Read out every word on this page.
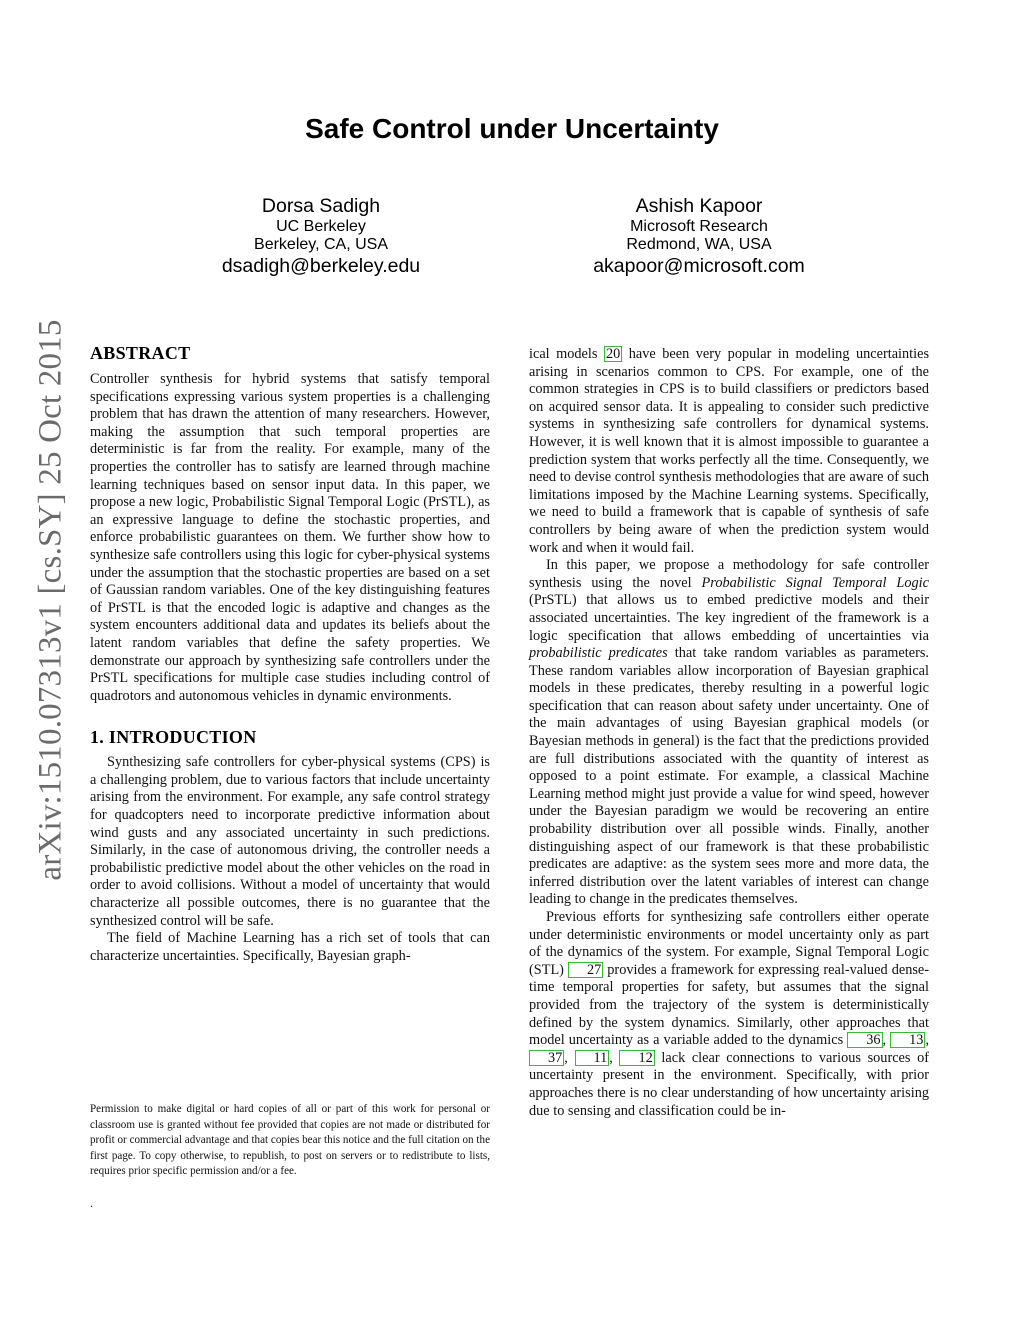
arXiv:1510.07313v1 [cs.SY] 25 Oct 2015
Safe Control under Uncertainty
Dorsa Sadigh
UC Berkeley
Berkeley, CA, USA
dsadigh@berkeley.edu
Ashish Kapoor
Microsoft Research
Redmond, WA, USA
akapoor@microsoft.com
ABSTRACT

Controller synthesis for hybrid systems that satisfy temporal specifications expressing various system properties is a challenging problem that has drawn the attention of many researchers. However, making the assumption that such temporal properties are deterministic is far from the reality. For example, many of the properties the controller has to satisfy are learned through machine learning techniques based on sensor input data. In this paper, we propose a new logic, Probabilistic Signal Temporal Logic (PrSTL), as an expressive language to define the stochastic properties, and enforce probabilistic guarantees on them. We further show how to synthesize safe controllers using this logic for cyber-physical systems under the assumption that the stochastic properties are based on a set of Gaussian random variables. One of the key distinguishing features of PrSTL is that the encoded logic is adaptive and changes as the system encounters additional data and updates its beliefs about the latent random variables that define the safety properties. We demonstrate our approach by synthesizing safe controllers under the PrSTL specifications for multiple case studies including control of quadrotors and autonomous vehicles in dynamic environments.

1. INTRODUCTION

Synthesizing safe controllers for cyber-physical systems (CPS) is a challenging problem, due to various factors that include uncertainty arising from the environment. For example, any safe control strategy for quadcopters need to incorporate predictive information about wind gusts and any associated uncertainty in such predictions. Similarly, in the case of autonomous driving, the controller needs a probabilistic predictive model about the other vehicles on the road in order to avoid collisions. Without a model of uncertainty that would characterize all possible outcomes, there is no guarantee that the synthesized control will be safe.

The field of Machine Learning has a rich set of tools that can characterize uncertainties. Specifically, Bayesian graph-

Permission to make digital or hard copies of all or part of this work for personal or classroom use is granted without fee provided that copies are not made or distributed for profit or commercial advantage and that copies bear this notice and the full citation on the first page. To copy otherwise, to republish, to post on servers or to redistribute to lists, requires prior specific permission and/or a fee.
.

ical models 20 have been very popular in modeling uncertainties arising in scenarios common to CPS. For example, one of the common strategies in CPS is to build classifiers or predictors based on acquired sensor data. It is appealing to consider such predictive systems in synthesizing safe controllers for dynamical systems. However, it is well known that it is almost impossible to guarantee a prediction system that works perfectly all the time. Consequently, we need to devise control synthesis methodologies that are aware of such limitations imposed by the Machine Learning systems. Specifically, we need to build a framework that is capable of synthesis of safe controllers by being aware of when the prediction system would work and when it would fail.

In this paper, we propose a methodology for safe controller synthesis using the novel Probabilistic Signal Temporal Logic (PrSTL) that allows us to embed predictive models and their associated uncertainties. The key ingredient of the framework is a logic specification that allows embedding of uncertainties via probabilistic predicates that take random variables as parameters. These random variables allow incorporation of Bayesian graphical models in these predicates, thereby resulting in a powerful logic specification that can reason about safety under uncertainty. One of the main advantages of using Bayesian graphical models (or Bayesian methods in general) is the fact that the predictions provided are full distributions associated with the quantity of interest as opposed to a point estimate. For example, a classical Machine Learning method might just provide a value for wind speed, however under the Bayesian paradigm we would be recovering an entire probability distribution over all possible winds. Finally, another distinguishing aspect of our framework is that these probabilistic predicates are adaptive: as the system sees more and more data, the inferred distribution over the latent variables of interest can change leading to change in the predicates themselves.

Previous efforts for synthesizing safe controllers either operate under deterministic environments or model uncertainty only as part of the dynamics of the system. For example, Signal Temporal Logic (STL) 27 provides a framework for expressing real-valued dense-time temporal properties for safety, but assumes that the signal provided from the trajectory of the system is deterministically defined by the system dynamics. Similarly, other approaches that model uncertainty as a variable added to the dynamics 36 , 13 , 37 , 11 , 12 lack clear connections to various sources of uncertainty present in the environment. Specifically, with prior approaches there is no clear understanding of how uncertainty arising due to sensing and classification could be in-
